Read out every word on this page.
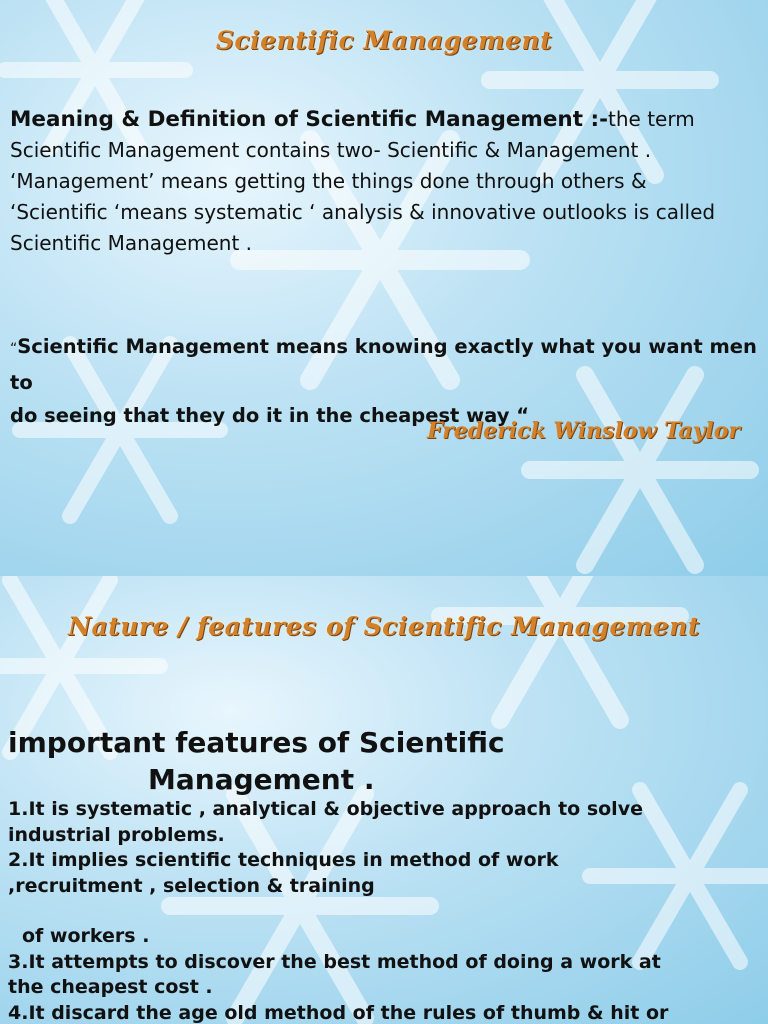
Scientific Management
Meaning & Definition of Scientific Management :-the term
Scientific Management contains two- Scientific & Management .
‘Management’ means getting the things done through others &
‘Scientific ‘means systematic ‘ analysis & innovative outlooks is called
Scientific Management .
“Scientific Management means knowing exactly what you want men to
do seeing that they do it in the cheapest way “
Frederick Winslow Taylor
Nature / features of Scientific Management
important features of Scientific
Management .
1.It is systematic , analytical & objective approach to solve
industrial problems.
2.It implies scientific techniques in method of work
,recruitment , selection & training
of workers .
3.It attempts to discover the best method of doing a work at
the cheapest cost .
4.It discard the age old method of the rules of thumb & hit or
